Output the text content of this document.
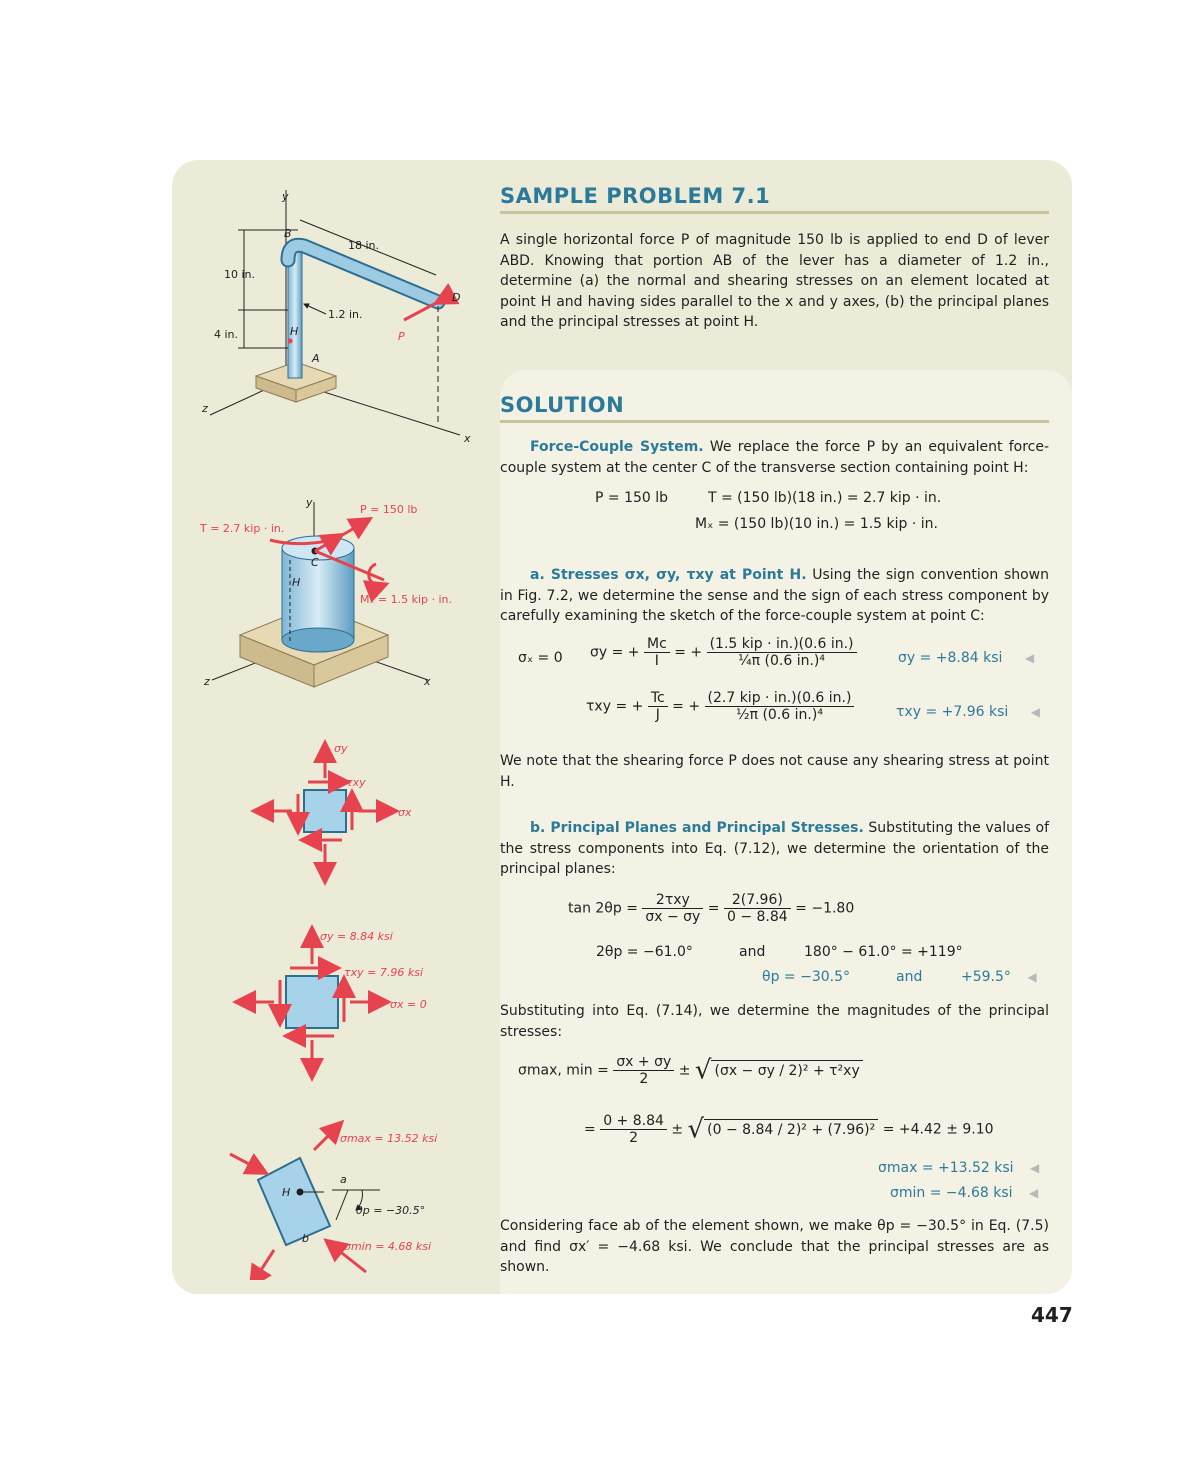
SAMPLE PROBLEM 7.1
SOLUTION
A single horizontal force P of magnitude 150 lb is applied to end D of lever ABD. Knowing that portion AB of the lever has a diameter of 1.2 in., determine (a) the normal and shearing stresses on an element located at point H and having sides parallel to the x and y axes, (b) the principal planes and the principal stresses at point H.
Force-Couple System. We replace the force P by an equivalent force-couple system at the center C of the transverse section containing point H:
P = 150 lb	T = (150 lb)(18 in.) = 2.7 kip · in.
Mₓ = (150 lb)(10 in.) = 1.5 kip · in.
a. Stresses σx, σy, τxy at Point H. Using the sign convention shown in Fig. 7.2, we determine the sense and the sign of each stress component by carefully examining the sketch of the force-couple system at point C:
σₓ = 0 σy = + $\frac{Mc}{I}$ = + $\frac{\text{(1.5 kip · in.)(0.6 in.)}}{\text{¼π (0.6 in.)⁴}}$	σy = +8.84 ksi ◀
τxy = + $\frac{Tc}{J}$ = + $\frac{\text{(2.7 kip · in.)(0.6 in.)}}{\text{½π (0.6 in.)⁴}}$	τxy = +7.96 ksi ◀
We note that the shearing force P does not cause any shearing stress at point H.
b. Principal Planes and Principal Stresses. Substituting the values of the stress components into Eq. (7.12), we determine the orientation of the principal planes:
$\tan 2\theta p = \frac{\text{2τxy}}{\sigma x - \sigma y} = \frac{2(7.96)}{0 - 8.84} = -1.80$
2θp = −61.0°	and	180° − 61.0° = +119°
θp = −30.5°	and	+59.5° ◀
Substituting into Eq. (7.14), we determine the magnitudes of the principal stresses:
σmax, $\min = \frac{\sigma x + \sigma y}{2}$ ± √ (σx − σy / 2)² + τ²xy
= $\frac{0 + 8.84}{2}$ ± √ (0 − 8.84 / 2)² + (7.96)² = +4.42 ± 9.10
σmax = +13.52 ksi ◀
σmin = −4.68 ksi ◀
Considering face ab of the element shown, we make θp = −30.5° in Eq. (7.5) and find σx′ = −4.68 ksi. We conclude that the principal stresses are as shown.
447
y
x
z
B
A
D
H	P
18 in.
10 in.
4 in.
1.2 in.
y
x
z
C
H
P = 150 lb
T = 2.7 kip · in.
Mₓ = 1.5 kip · in.
σy
τxy
σx
σy = 8.84 ksi
τxy = 7.96 ksi
σx = 0
σmax = 13.52 ksi
σmin = 4.68 ksi
θp = −30.5°
a
b
H
